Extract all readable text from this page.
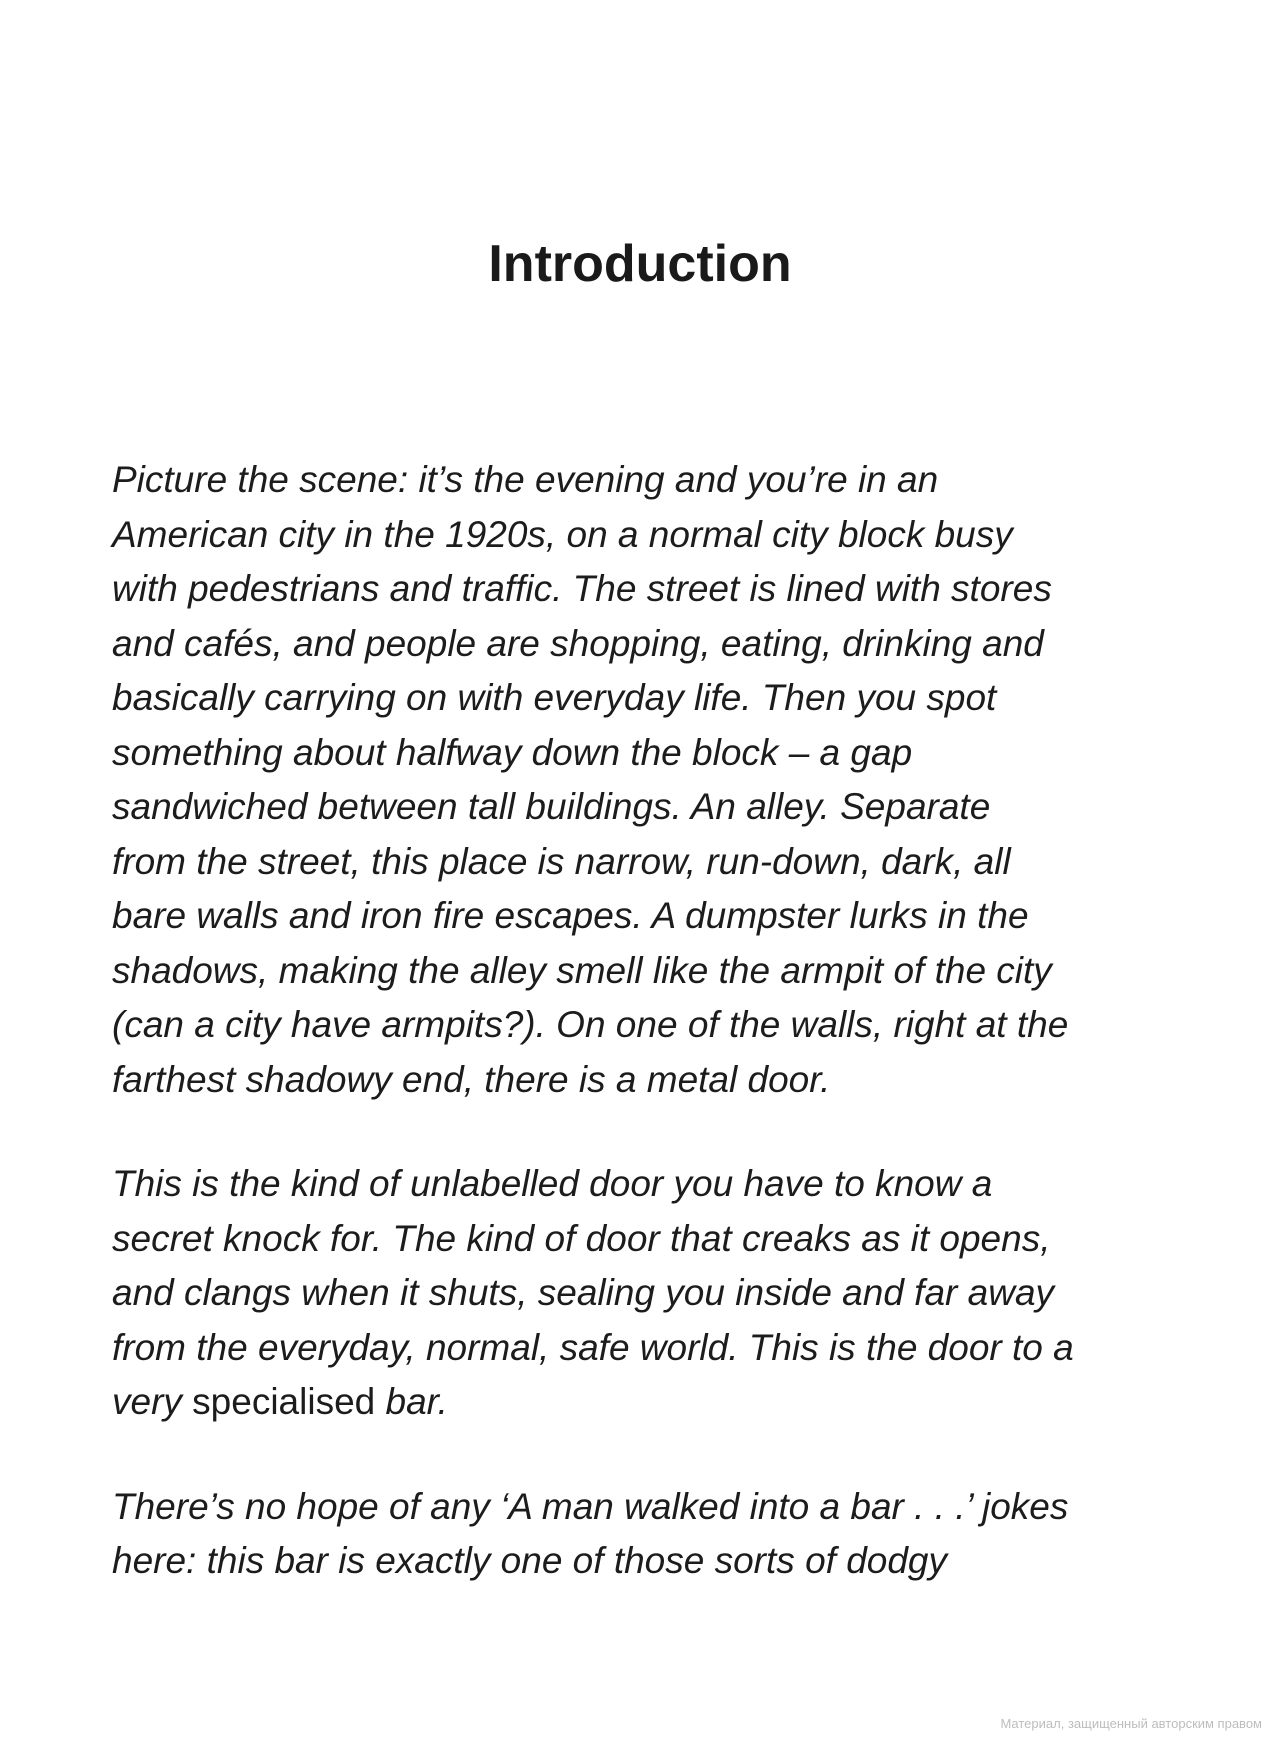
Introduction

Picture the scene: it’s the evening and you’re in an
American city in the 1920s, on a normal city block busy
with pedestrians and traffic. The street is lined with stores
and cafés, and people are shopping, eating, drinking and
basically carrying on with everyday life. Then you spot
something about halfway down the block – a gap
sandwiched between tall buildings. An alley. Separate
from the street, this place is narrow, run-down, dark, all
bare walls and iron fire escapes. A dumpster lurks in the
shadows, making the alley smell like the armpit of the city
(can a city have armpits?). On one of the walls, right at the
farthest shadowy end, there is a metal door.

This is the kind of unlabelled door you have to know a
secret knock for. The kind of door that creaks as it opens,
and clangs when it shuts, sealing you inside and far away
from the everyday, normal, safe world. This is the door to a
very specialised bar.

There’s no hope of any ‘A man walked into a bar . . .’ jokes
here: this bar is exactly one of those sorts of dodgy

Материал, защищенный авторским правом
